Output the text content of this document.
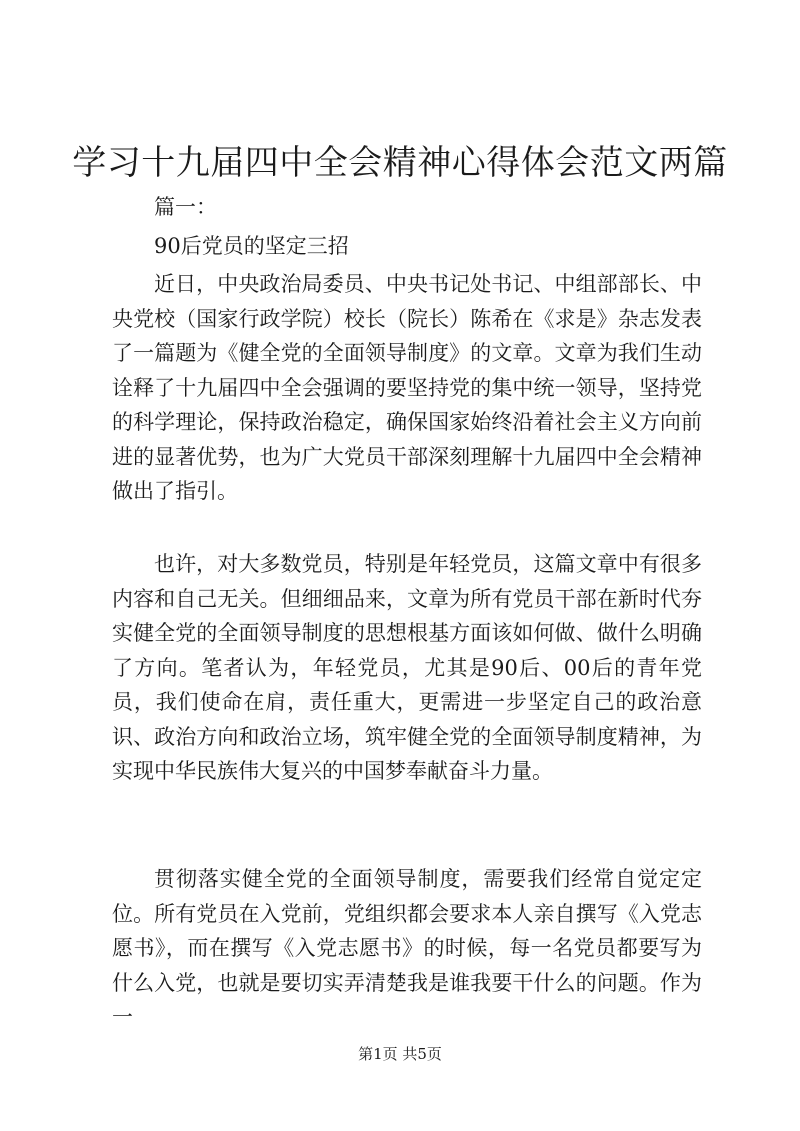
学习十九届四中全会精神心得体会范文两篇
篇一：
90后党员的坚定三招

近日，中央政治局委员、中央书记处书记、中组部部长、中央党校（国家行政学院）校长（院长）陈希在《求是》杂志发表了一篇题为《健全党的全面领导制度》的文章。文章为我们生动诠释了十九届四中全会强调的要坚持党的集中统一领导，坚持党的科学理论，保持政治稳定，确保国家始终沿着社会主义方向前进的显著优势，也为广大党员干部深刻理解十九届四中全会精神做出了指引。

也许，对大多数党员，特别是年轻党员，这篇文章中有很多内容和自己无关。但细细品来，文章为所有党员干部在新时代夯实健全党的全面领导制度的思想根基方面该如何做、做什么明确了方向。笔者认为，年轻党员，尤其是90后、00后的青年党员，我们使命在肩，责任重大，更需进一步坚定自己的政治意识、政治方向和政治立场，筑牢健全党的全面领导制度精神，为实现中华民族伟大复兴的中国梦奉献奋斗力量。

贯彻落实健全党的全面领导制度，需要我们经常自觉定定位。所有党员在入党前，党组织都会要求本人亲自撰写《入党志愿书》，而在撰写《入党志愿书》的时候，每一名党员都要写为什么入党，也就是要切实弄清楚我是谁我要干什么的问题。作为一

第1页 共5页
